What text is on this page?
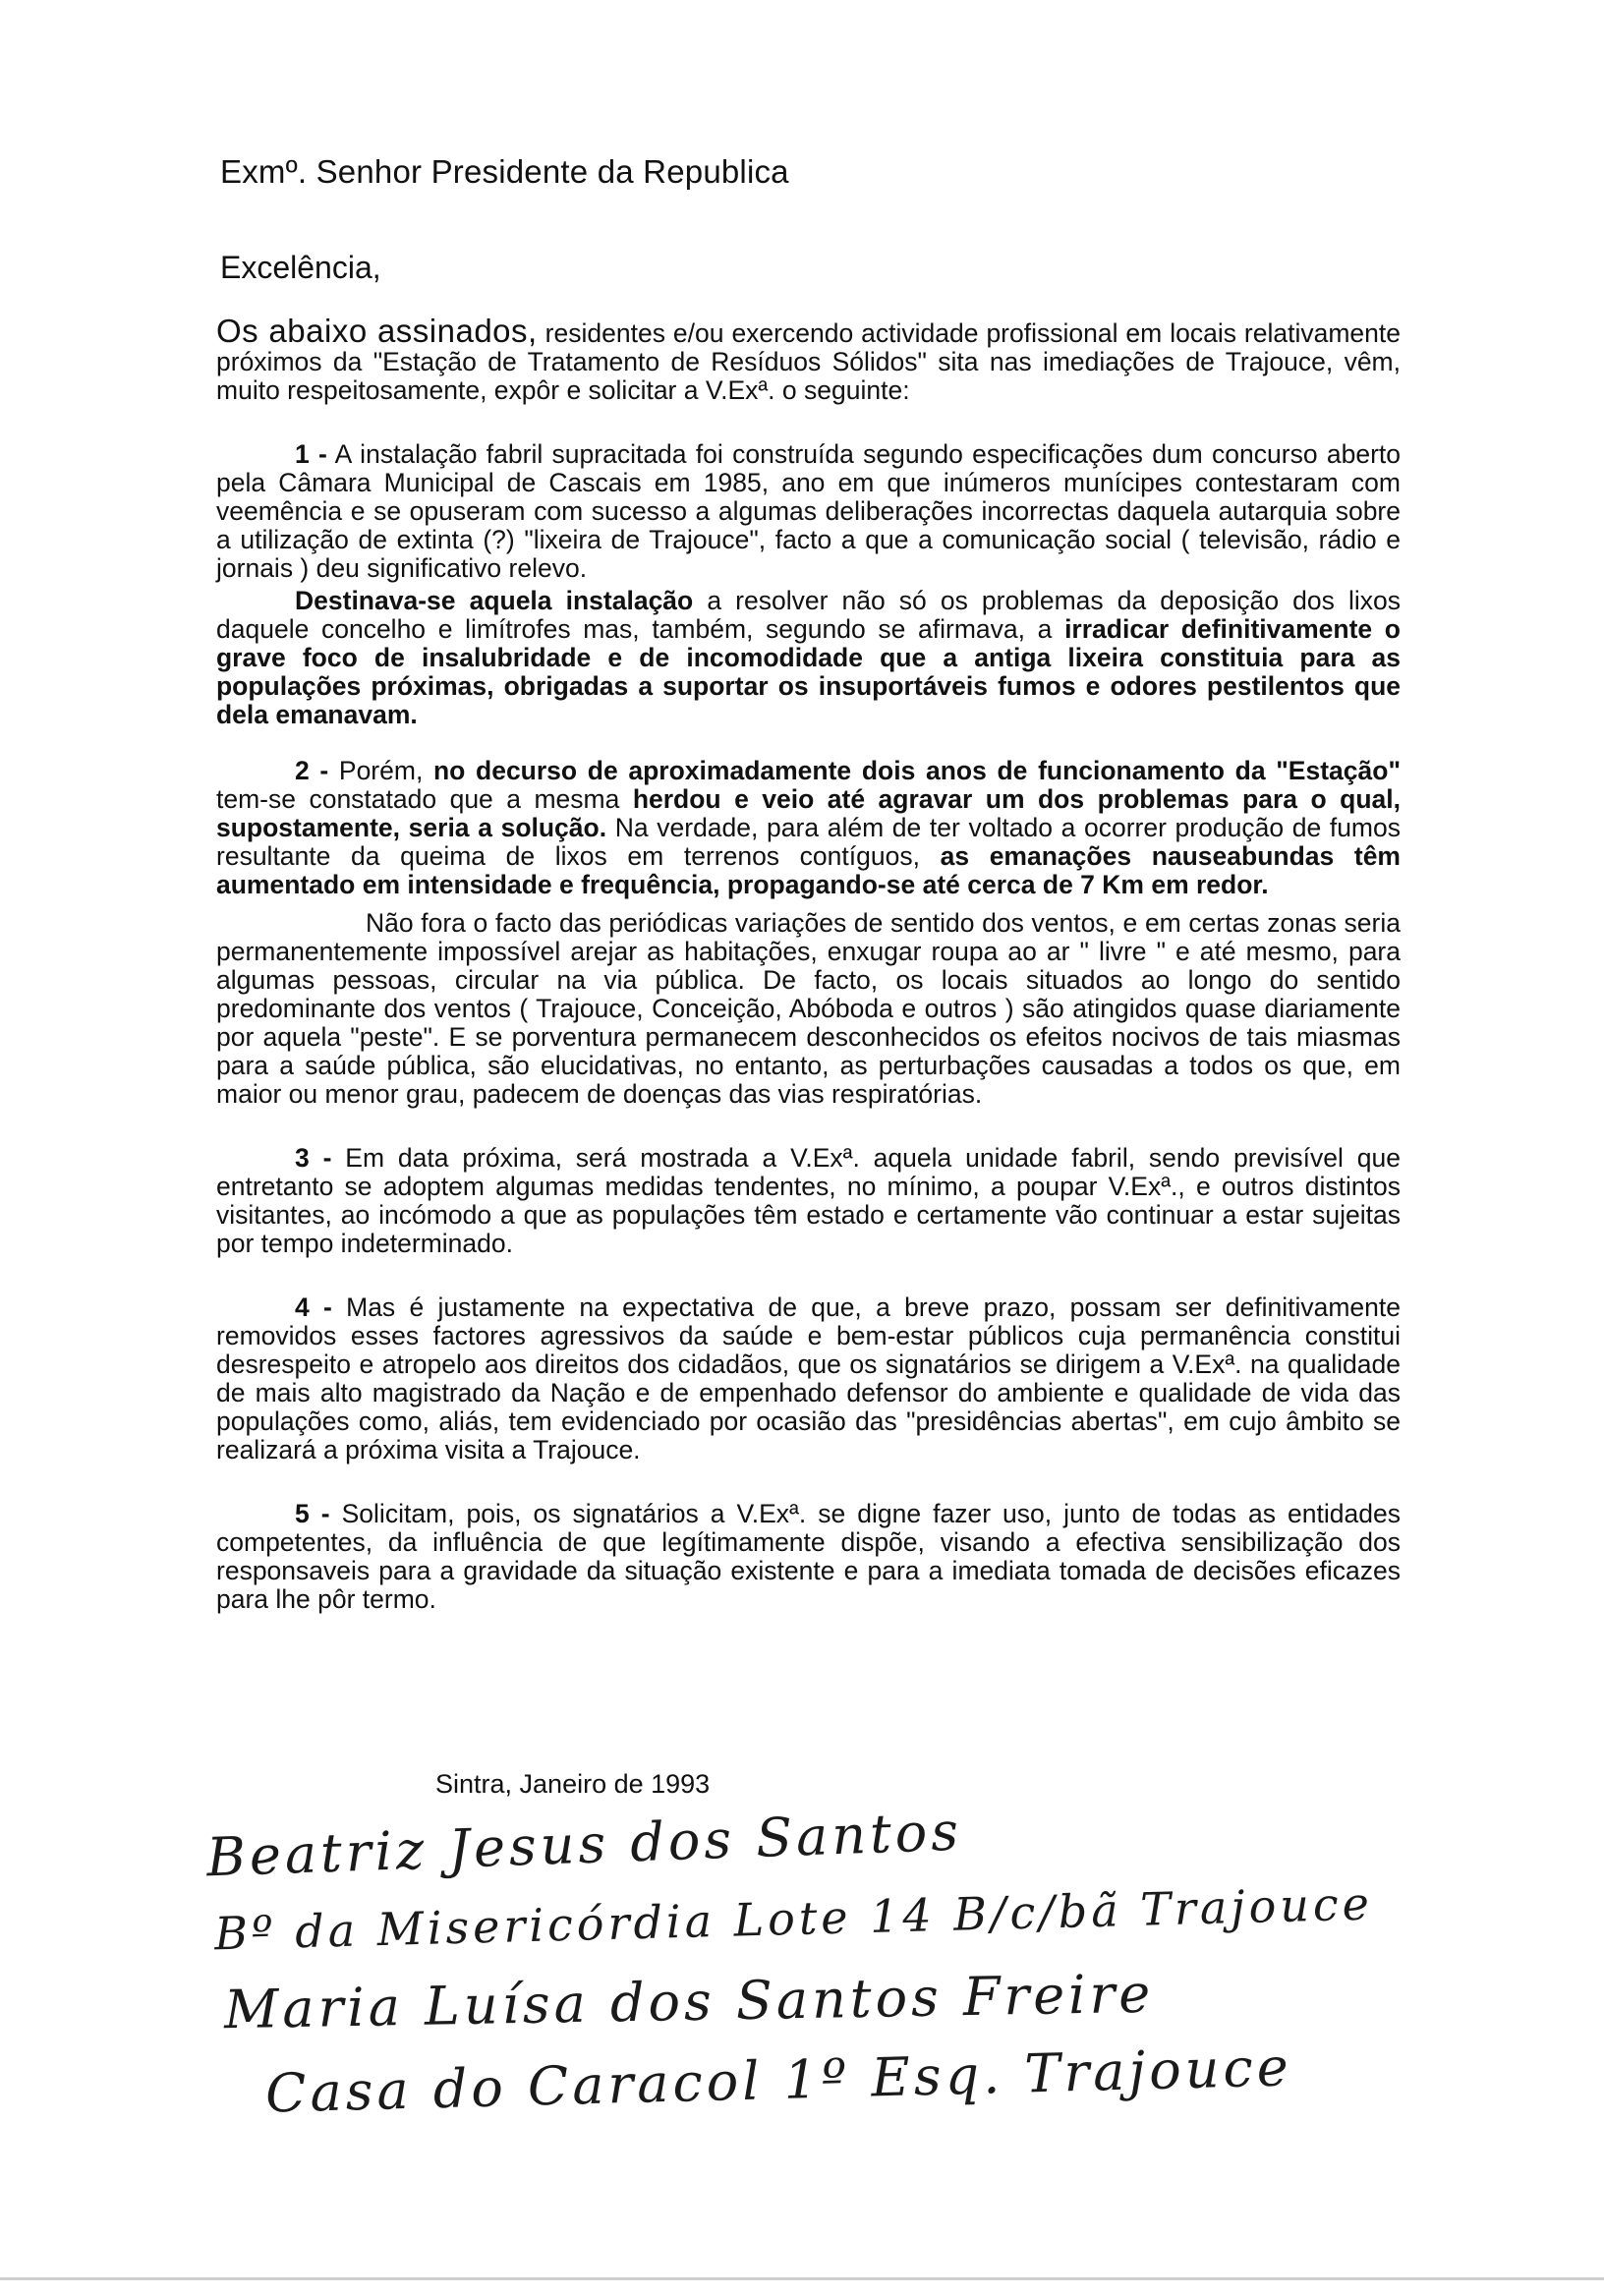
Exmº. Senhor Presidente da Republica
Excelência,

Os abaixo assinados, residentes e/ou exercendo actividade profissional em locais relativamente próximos da "Estação de Tratamento de Resíduos Sólidos" sita nas imediações de Trajouce, vêm, muito respeitosamente, expôr e solicitar a V.Exª. o seguinte:

1 - A instalação fabril supracitada foi construída segundo especificações dum concurso aberto pela Câmara Municipal de Cascais em 1985, ano em que inúmeros munícipes contestaram com veemência e se opuseram com sucesso a algumas deliberações incorrectas daquela autarquia sobre a utilização de extinta (?) "lixeira de Trajouce", facto a que a comunicação social ( televisão, rádio e jornais ) deu significativo relevo.

Destinava-se aquela instalação a resolver não só os problemas da deposição dos lixos daquele concelho e limítrofes mas, também, segundo se afirmava, a irradicar definitivamente o grave foco de insalubridade e de incomodidade que a antiga lixeira constituia para as populações próximas, obrigadas a suportar os insuportáveis fumos e odores pestilentos que dela emanavam.

2 - Porém, no decurso de aproximadamente dois anos de funcionamento da "Estação" tem-se constatado que a mesma herdou e veio até agravar um dos problemas para o qual, supostamente, seria a solução. Na verdade, para além de ter voltado a ocorrer produção de fumos resultante da queima de lixos em terrenos contíguos, as emanações nauseabundas têm aumentado em intensidade e frequência, propagando-se até cerca de 7 Km em redor.

Não fora o facto das periódicas variações de sentido dos ventos, e em certas zonas seria permanentemente impossível arejar as habitações, enxugar roupa ao ar " livre " e até mesmo, para algumas pessoas, circular na via pública. De facto, os locais situados ao longo do sentido predominante dos ventos ( Trajouce, Conceição, Abóboda e outros ) são atingidos quase diariamente por aquela "peste". E se porventura permanecem desconhecidos os efeitos nocivos de tais miasmas para a saúde pública, são elucidativas, no entanto, as perturbações causadas a todos os que, em maior ou menor grau, padecem de doenças das vias respiratórias.

3 - Em data próxima, será mostrada a V.Exª. aquela unidade fabril, sendo previsível que entretanto se adoptem algumas medidas tendentes, no mínimo, a poupar V.Exª., e outros distintos visitantes, ao incómodo a que as populações têm estado e certamente vão continuar a estar sujeitas por tempo indeterminado.

4 - Mas é justamente na expectativa de que, a breve prazo, possam ser definitivamente removidos esses factores agressivos da saúde e bem-estar públicos cuja permanência constitui desrespeito e atropelo aos direitos dos cidadãos, que os signatários se dirigem a V.Exª. na qualidade de mais alto magistrado da Nação e de empenhado defensor do ambiente e qualidade de vida das populações como, aliás, tem evidenciado por ocasião das "presidências abertas", em cujo âmbito se realizará a próxima visita a Trajouce.

5 - Solicitam, pois, os signatários a V.Exª. se digne fazer uso, junto de todas as entidades competentes, da influência de que legítimamente dispõe, visando a efectiva sensibilização dos responsaveis para a gravidade da situação existente e para a imediata tomada de decisões eficazes para lhe pôr termo.

Sintra, Janeiro de 1993
Beatriz Jesus dos Santos
Bº da Misericórdia Lote 14 B/c/bã Trajouce
Maria Luísa dos Santos Freire
Casa do Caracol 1º Esq. Trajouce
